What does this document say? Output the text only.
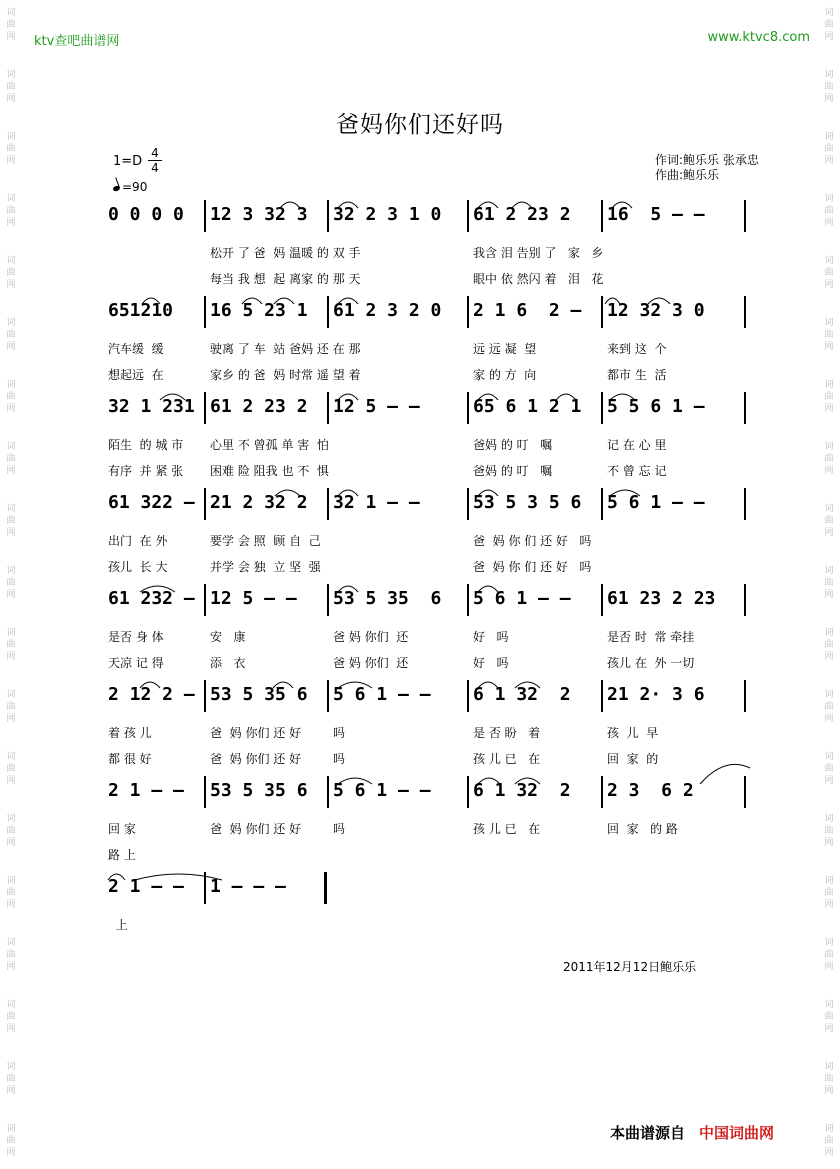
词
曲
网
词
曲
网
词
曲
网
词
曲
网
词
曲
网
词
曲
网
词
曲
网
词
曲
网
词
曲
网
词
曲
网
词
曲
网
词
曲
网
词
曲
网
词
曲
网
词
曲
网
词
曲
网
词
曲
网
词
曲
网
词
曲
网
词
曲
网
词
曲
网
词
曲
网
词
曲
网
词
曲
网
词
曲
网
词
曲
网
词
曲
网
词
曲
网
词
曲
网
词
曲
网
词
曲
网
词
曲
网
词
曲
网
词
曲
网
词
曲
网
词
曲
网
词
曲
网
词
曲
网
ktv查吧曲谱网	www.ktvc8.com
爸妈你们还好吗
$1=D \frac{4}{4}$
=90
作词:鲍乐乐 张承忠
作曲:鲍乐乐
0 0 0 0 12 3 32 3 32 2 3 1 0 61 2 23 2 16  5 — —
松开 了 爸  妈 温暖 的 双 手	我含 泪 告别 了   家   乡
每当 我 想  起 离家 的 那 天	眼中 依 然闪 着   泪   花
651210 16 5 23 1 61 2 3 2 0 2 1 6  2 — 12 32 3 0
汽车缓  缓	驶离 了 车  站 爸妈 还 在 那	远 远 凝  望	来到 这  个
想起远  在	家乡 的 爸  妈 时常 遥 望 着	家 的 方  向	都市 生  活
32 1 231 61 2 23 2 12 5 — —	65 6 1 2 1 5 5 6 1 —
陌生  的 城 市 心里 不 曾孤 单 害  怕	爸妈 的 叮   嘱	记 在 心 里
有序  并 紧 张 困难 险 阻我 也 不  惧	爸妈 的 叮   嘱	不 曾 忘 记
61 322 — 21 2 32 2 32 1 — —	53 5 3 5 6 5 6 1 — —
出门  在 外	要学 会 照  顾 自  己	爸  妈 你 们 还 好   吗
孩儿  长 大	并学 会 独  立 坚  强	爸  妈 你 们 还 好   吗
61 232 — 12 5 — — 53 5 35  6 5 6 1 — — 61 23 2 23
是否 身 体	安   康	爸 妈 你们  还	好   吗	是否 时  常 牵挂
天凉 记 得	添   衣	爸 妈 你们  还	好   吗	孩儿 在  外 一切
2 12 2 — 53 5 35 6 5 6 1 — — 6 1 32  2 21 2· 3 6
着 孩 儿	爸  妈 你们 还 好	吗	是 否 盼   着	孩  儿  早
都 很 好	爸  妈 你们 还 好	吗	孩 儿 已   在	回  家  的
2 1 — — 53 5 35 6 5 6 1 — — 6 1 32  2 2 3  6 2
回 家	爸  妈 你们 还 好	吗	孩 儿 已   在	回  家   的 路
路 上
2 1 — — 1 — — —
上
2011年12月12日鲍乐乐
本曲谱源自 中国词曲网
